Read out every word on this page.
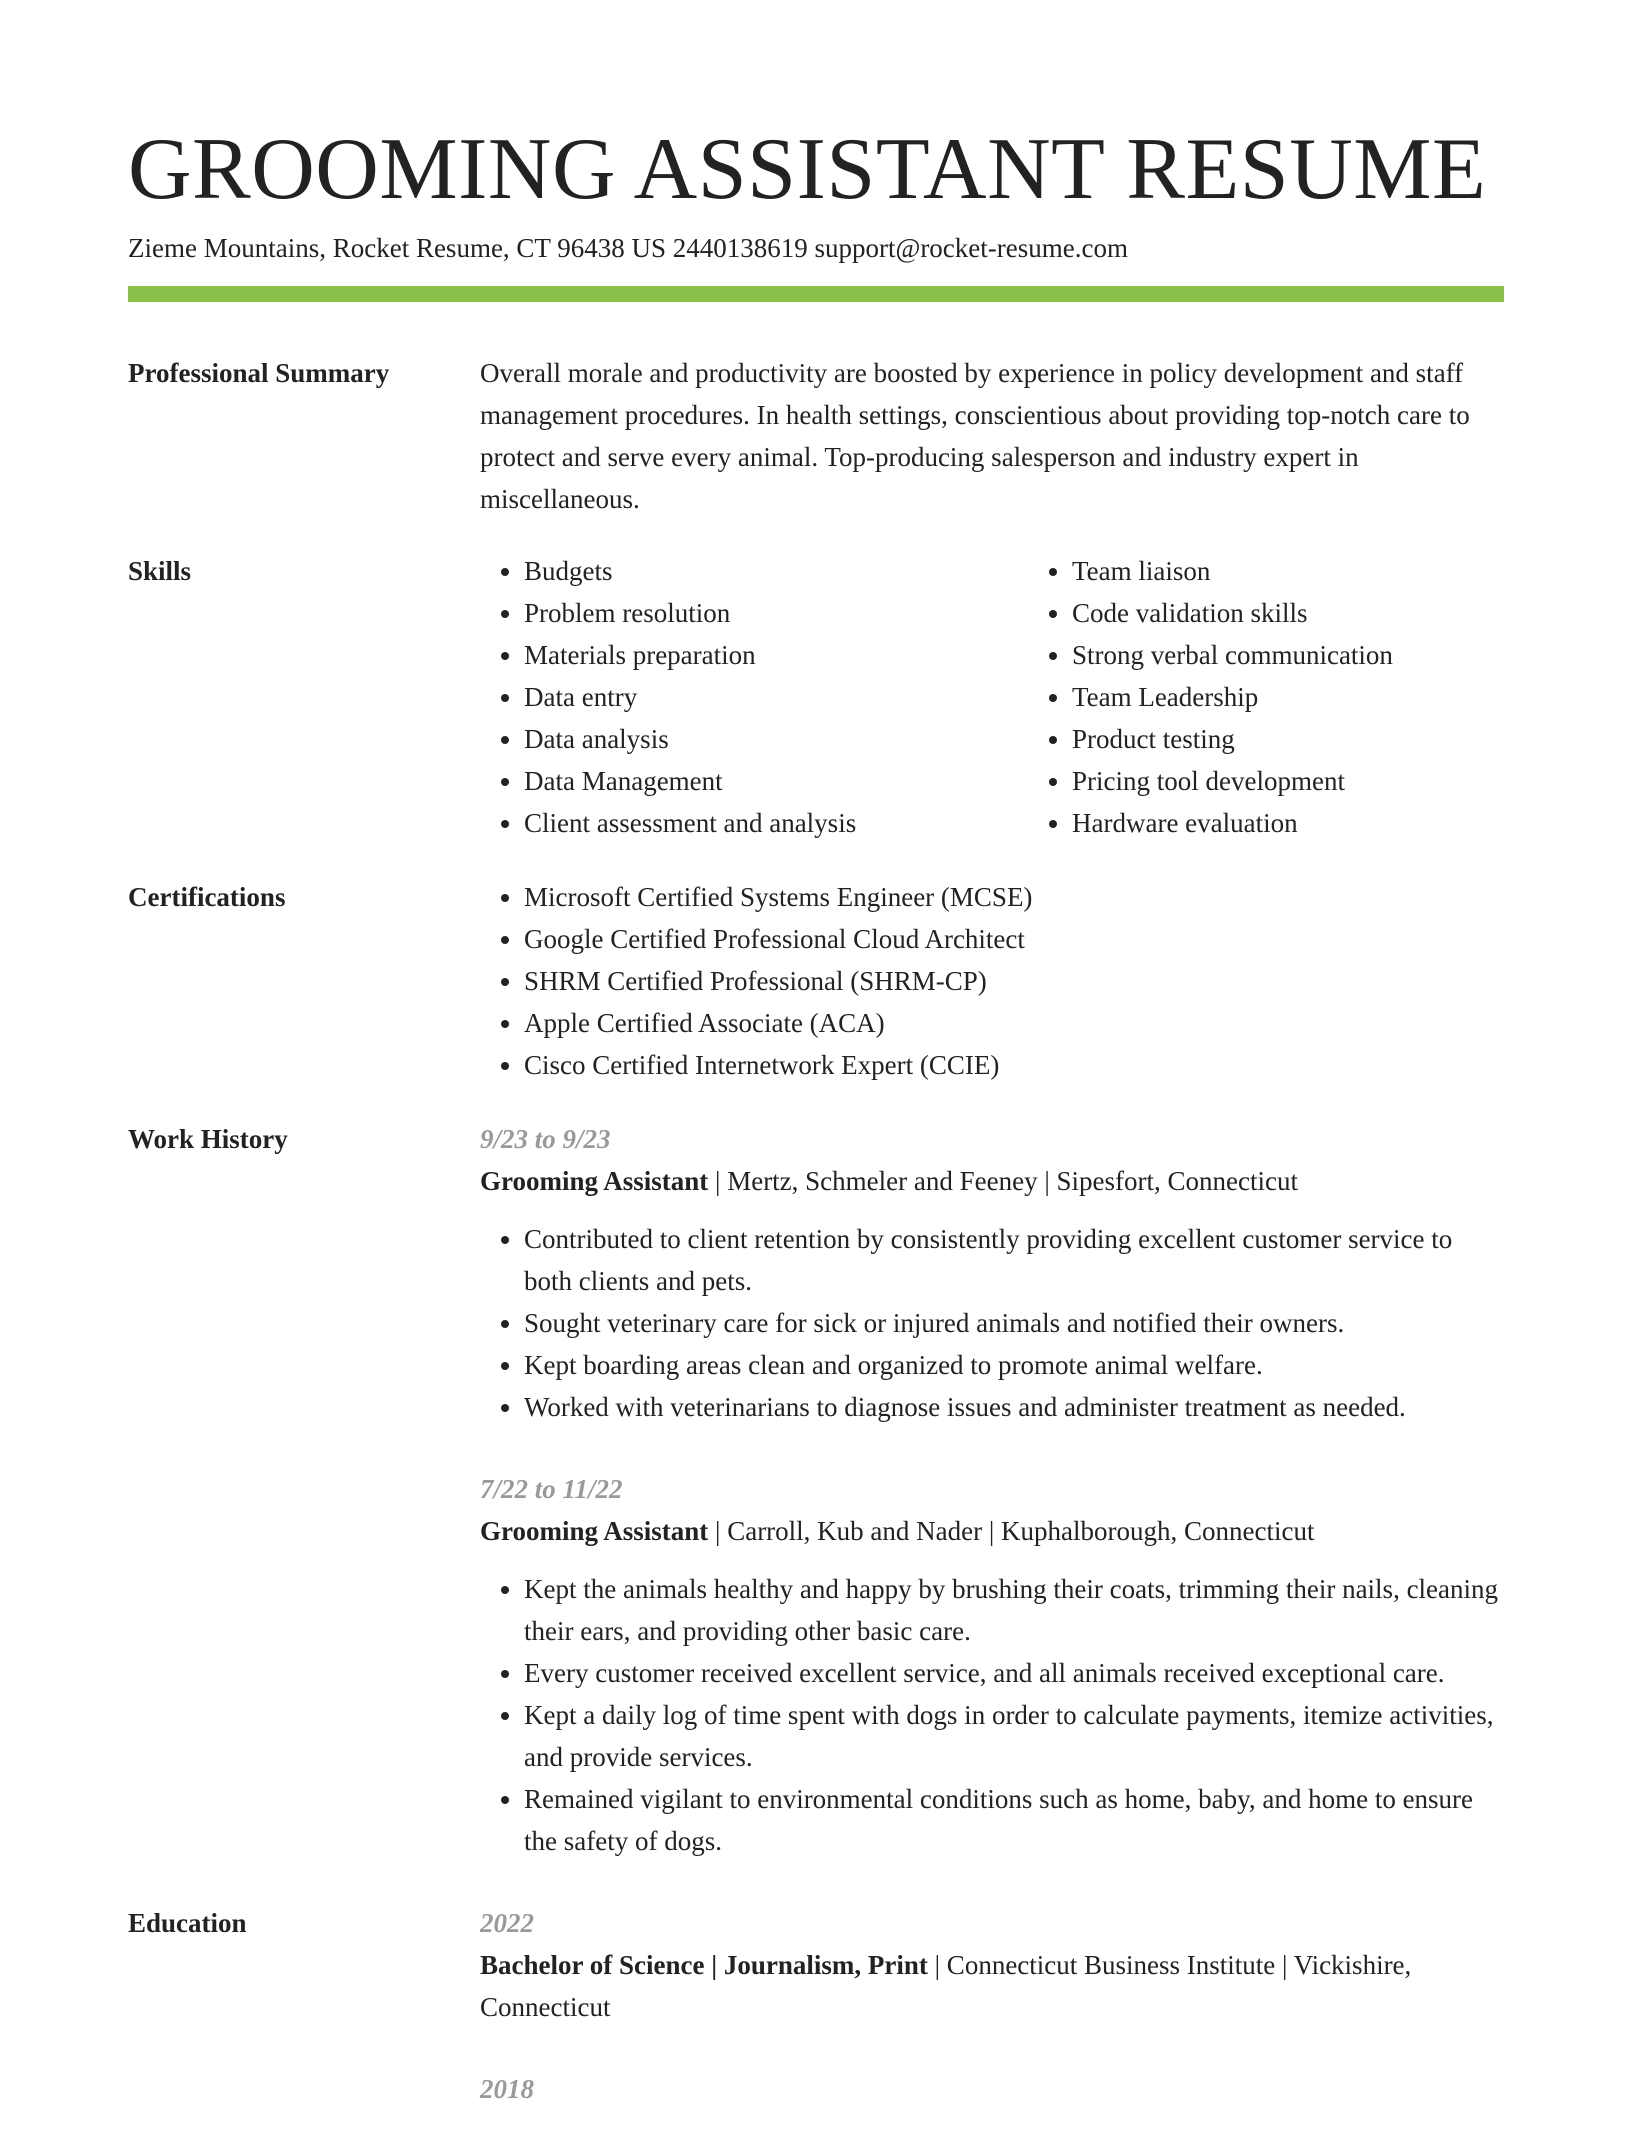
GROOMING ASSISTANT RESUME
Zieme Mountains, Rocket Resume, CT 96438 US 2440138619 support@rocket-resume.com
Professional Summary	Overall morale and productivity are boosted by experience in policy development and staff management procedures. In health settings, conscientious about providing top-notch care to protect and serve every animal. Top-producing salesperson and industry expert in miscellaneous.

Skills	• Budgets
• Problem resolution
• Materials preparation
• Data entry
• Data analysis
• Data Management
• Client assessment and analysis
• Team liaison
• Code validation skills
• Strong verbal communication
• Team Leadership
• Product testing
• Pricing tool development
• Hardware evaluation
Certifications	• Microsoft Certified Systems Engineer (MCSE)
• Google Certified Professional Cloud Architect
• SHRM Certified Professional (SHRM-CP)
• Apple Certified Associate (ACA)
• Cisco Certified Internetwork Expert (CCIE)
Work History	9/23 to 9/23
Grooming Assistant | Mertz, Schmeler and Feeney | Sipesfort, Connecticut
• Contributed to client retention by consistently providing excellent customer service to both clients and pets.
• Sought veterinary care for sick or injured animals and notified their owners.
• Kept boarding areas clean and organized to promote animal welfare.
• Worked with veterinarians to diagnose issues and administer treatment as needed.
7/22 to 11/22
Grooming Assistant | Carroll, Kub and Nader | Kuphalborough, Connecticut
• Kept the animals healthy and happy by brushing their coats, trimming their nails, cleaning their ears, and providing other basic care.
• Every customer received excellent service, and all animals received exceptional care.
• Kept a daily log of time spent with dogs in order to calculate payments, itemize activities, and provide services.
• Remained vigilant to environmental conditions such as home, baby, and home to ensure the safety of dogs.
Education	2022
Bachelor of Science | Journalism, Print | Connecticut Business Institute | Vickishire, Connecticut
2018
